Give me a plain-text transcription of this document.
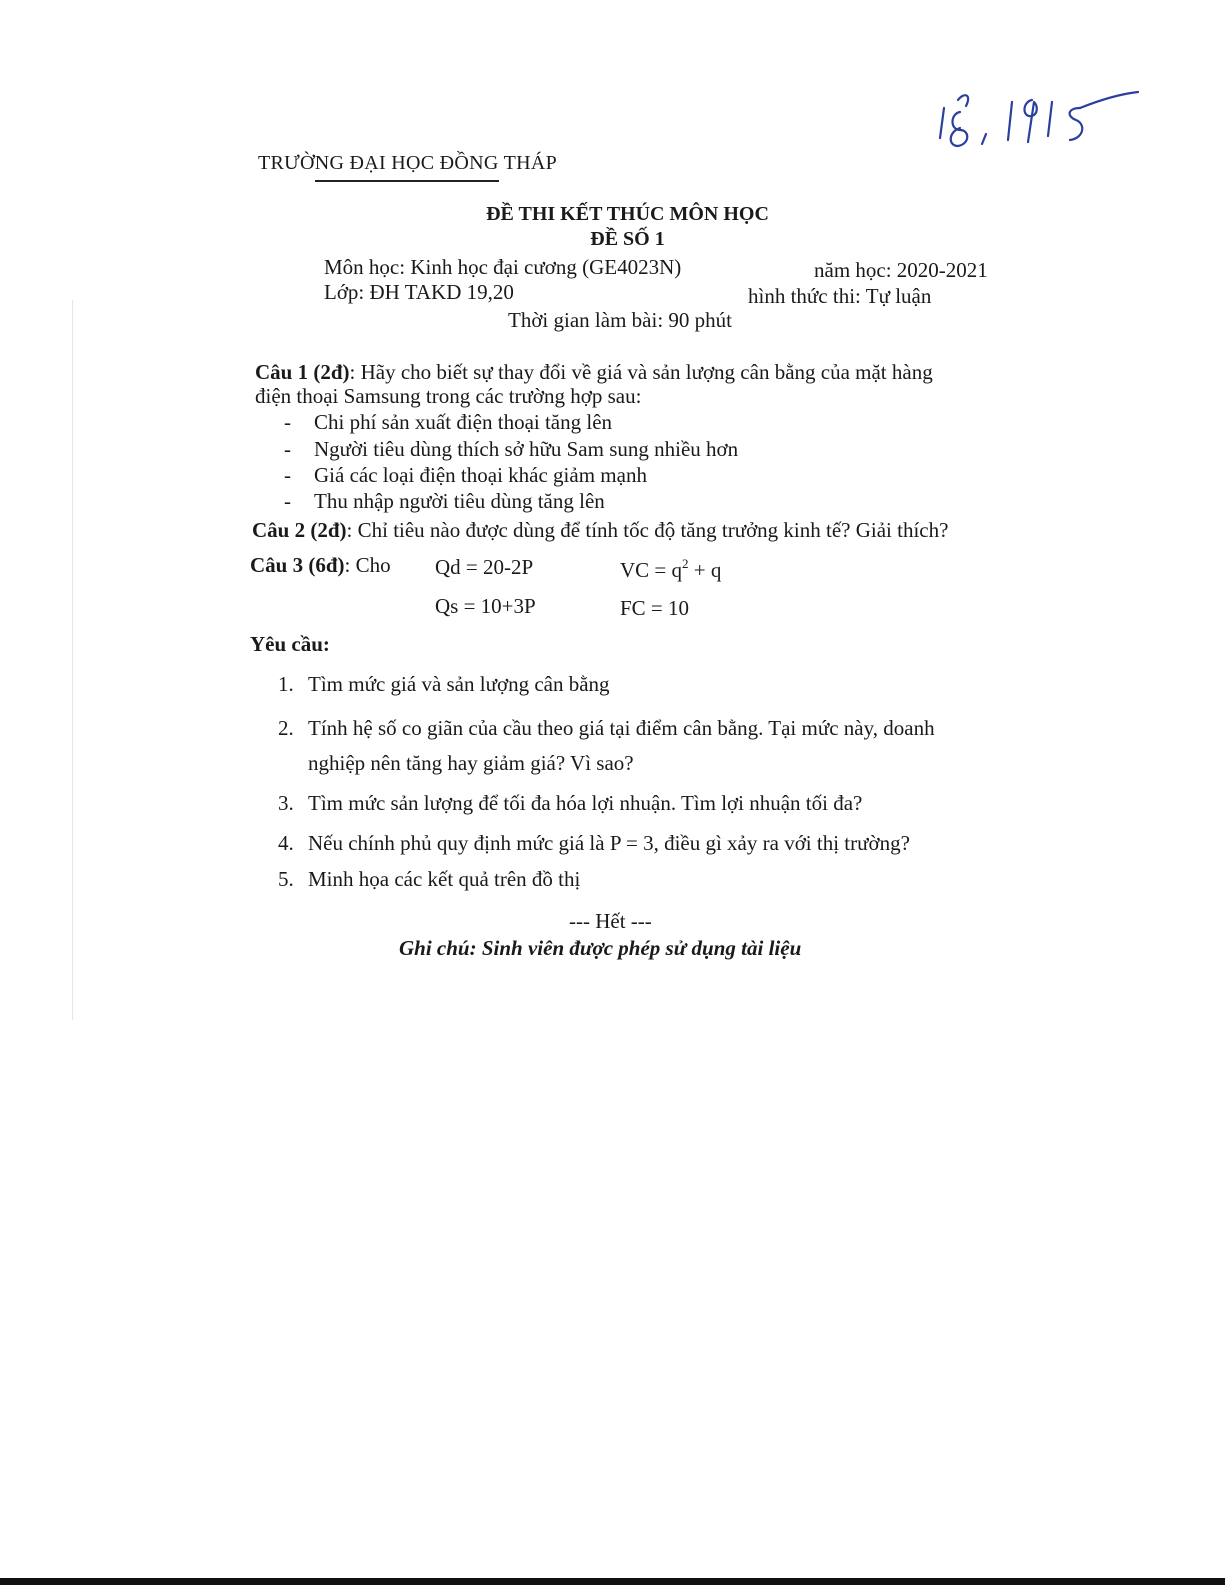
TRƯỜNG ĐẠI HỌC ĐỒNG THÁP
ĐỀ THI KẾT THÚC MÔN HỌC
ĐỀ SỐ 1
Môn học: Kinh học đại cương (GE4023N)	năm học: 2020-2021
Lớp: ĐH TAKD 19,20	hình thức thi: Tự luận
Thời gian làm bài: 90 phút
Câu 1 (2đ): Hãy cho biết sự thay đổi về giá và sản lượng cân bằng của mặt hàng
điện thoại Samsung trong các trường hợp sau:
- Chi phí sản xuất điện thoại tăng lên
- Người tiêu dùng thích sở hữu Sam sung nhiều hơn
- Giá các loại điện thoại khác giảm mạnh
- Thu nhập người tiêu dùng tăng lên
Câu 2 (2đ): Chỉ tiêu nào được dùng để tính tốc độ tăng trưởng kinh tế? Giải thích?
Câu 3 (6đ): Cho Qd = 20-2P	VC = $q^2 + q$
Qs = 10+3P	FC = 10
Yêu cầu:
1. Tìm mức giá và sản lượng cân bằng
2. Tính hệ số co giãn của cầu theo giá tại điểm cân bằng. Tại mức này, doanh
nghiệp nên tăng hay giảm giá? Vì sao?
3. Tìm mức sản lượng để tối đa hóa lợi nhuận. Tìm lợi nhuận tối đa?
4. Nếu chính phủ quy định mức giá là P = 3, điều gì xảy ra với thị trường?
5. Minh họa các kết quả trên đồ thị
--- Hết ---
Ghi chú: Sinh viên được phép sử dụng tài liệu
